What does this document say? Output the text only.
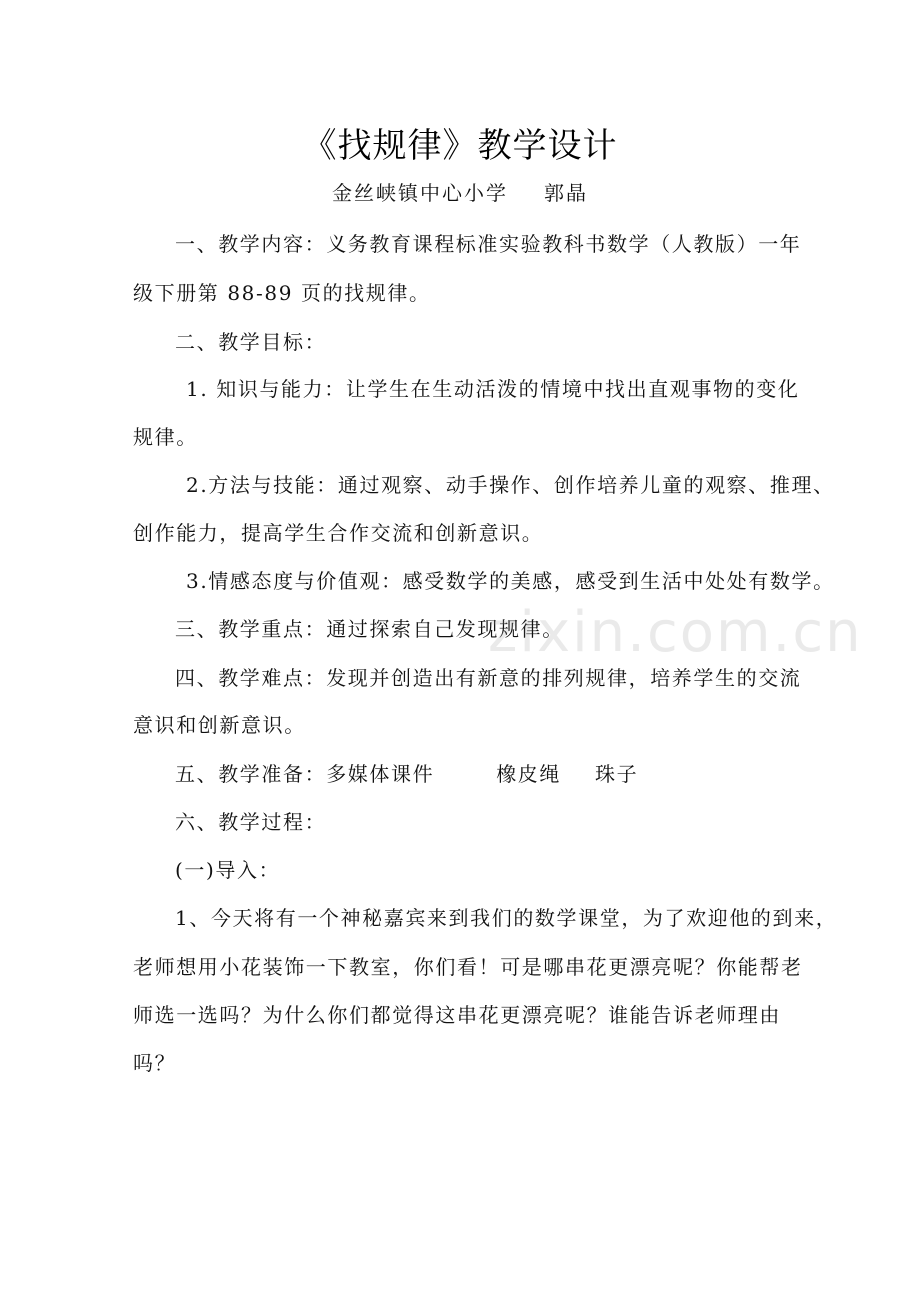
《找规律》教学设计
金丝峡镇中心小学 郭晶
一、教学内容：义务教育课程标准实验教科书数学（人教版）一年
级下册第 88-89 页的找规律。
二、教学目标：
1. 知识与能力：让学生在生动活泼的情境中找出直观事物的变化
规律。
2.方法与技能：通过观察、动手操作、创作培养儿童的观察、推理、
创作能力，提高学生合作交流和创新意识。
3.情感态度与价值观：感受数学的美感，感受到生活中处处有数学。
三、教学重点：通过探索自己发现规律。
四、教学难点：发现并创造出有新意的排列规律，培养学生的交流
意识和创新意识。
五、教学准备：多媒体课件	橡皮绳 珠子
六、教学过程：
(一)导入：
1、今天将有一个神秘嘉宾来到我们的数学课堂，为了欢迎他的到来，
老师想用小花装饰一下教室，你们看！可是哪串花更漂亮呢？你能帮老
师选一选吗？为什么你们都觉得这串花更漂亮呢？谁能告诉老师理由
吗？
zixin.com.cn
